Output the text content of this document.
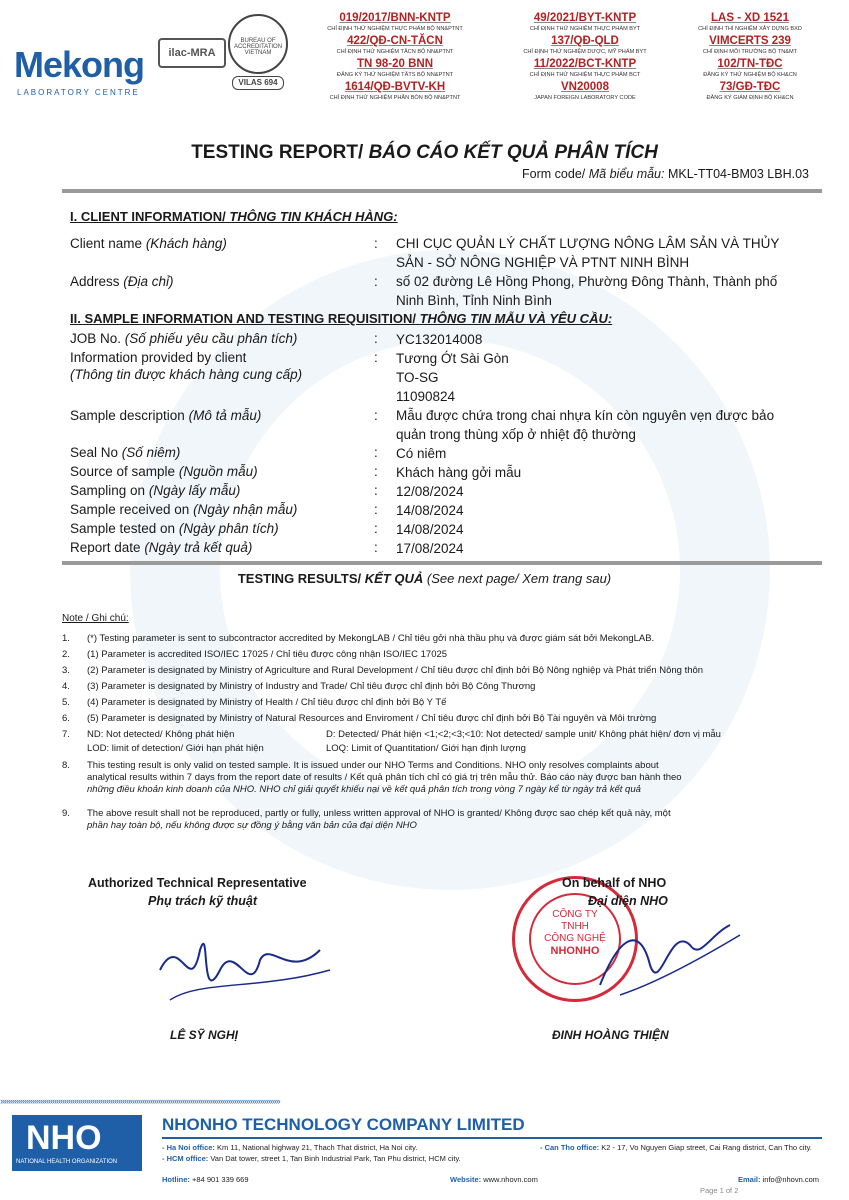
Mekong
LABORATORY CENTRE
ilac-MRA
BUREAU OF ACCREDITATION VIETNAM
VILAS 694
019/2017/BNN-KNTP
CHỈ ĐỊNH THỬ NGHIỆM THỰC PHẨM BỘ NN&PTNT
422/QĐ-CN-TĂCN
CHỈ ĐỊNH THỬ NGHIỆM TĂCN BỘ NN&PTNT
TN 98-20 BNN
ĐĂNG KÝ THỬ NGHIỆM TĂTS BỘ NN&PTNT
1614/QĐ-BVTV-KH
CHỈ ĐỊNH THỬ NGHIỆM PHÂN BÓN BỘ NN&PTNT
49/2021/BYT-KNTP
CHỈ ĐỊNH THỬ NGHIỆM THỰC PHẨM BYT
137/QĐ-QLD
CHỈ ĐỊNH THỬ NGHIỆM DƯỢC, MỸ PHẨM BYT
11/2022/BCT-KNTP
CHỈ ĐỊNH THỬ NGHIỆM THỰC PHẨM BCT
VN20008
JAPAN FOREIGN LABORATORY CODE
LAS - XD 1521
CHỈ ĐỊNH THÍ NGHIỆM XÂY DỰNG BXD
VIMCERTS 239
CHỈ ĐỊNH MÔI TRƯỜNG BỘ TN&MT
102/TN-TĐC
ĐĂNG KÝ THỬ NGHIỆM BỘ KH&CN
73/GĐ-TĐC
ĐĂNG KÝ GIÁM ĐỊNH BỘ KH&CN
TESTING REPORT/ BÁO CÁO KẾT QUẢ PHÂN TÍCH
Form code/ Mã biểu mẫu: MKL-TT04-BM03 LBH.03
I. CLIENT INFORMATION/ THÔNG TIN KHÁCH HÀNG:
Client name (Khách hàng)	: CHI CỤC QUẢN LÝ CHẤT LƯỢNG NÔNG LÂM SẢN VÀ THỦY
SẢN - SỞ NÔNG NGHIỆP VÀ PTNT NINH BÌNH
Address (Địa chỉ)	: số 02 đường Lê Hồng Phong, Phường Đông Thành, Thành phố
Ninh Bình, Tỉnh Ninh Bình
II. SAMPLE INFORMATION AND TESTING REQUISITION/ THÔNG TIN MẪU VÀ YÊU CẦU:
JOB No. (Số phiếu yêu cầu phân tích)	: YC132014008
Information provided by client
(Thông tin được khách hàng cung cấp)
: Tương Ớt Sài Gòn
TO-SG
11090824
Sample description (Mô tả mẫu)	: Mẫu được chứa trong chai nhựa kín còn nguyên vẹn được bảo
quản trong thùng xốp ở nhiệt độ thường
Seal No (Số niêm)	: Có niêm
Source of sample (Nguồn mẫu)	: Khách hàng gởi mẫu
Sampling on (Ngày lấy mẫu)	: 12/08/2024
Sample received on (Ngày nhận mẫu)	: 14/08/2024
Sample tested on (Ngày phân tích)	: 14/08/2024
Report date (Ngày trả kết quả)	: 17/08/2024
TESTING RESULTS/ KẾT QUẢ (See next page/ Xem trang sau)
Note / Ghi chú:
1. (*) Testing parameter is sent to subcontractor accredited by MekongLAB / Chỉ tiêu gởi nhà thầu phụ và được giám sát bởi MekongLAB.
2. (1) Parameter is accredited ISO/IEC 17025 / Chỉ tiêu được công nhận ISO/IEC 17025
3. (2) Parameter is designated by Ministry of Agriculture and Rural Development / Chỉ tiêu được chỉ định bởi Bộ Nông nghiệp và Phát triển Nông thôn
4. (3) Parameter is designated by Ministry of Industry and Trade/ Chỉ tiêu được chỉ định bởi Bộ Công Thương
5. (4) Parameter is designated by Ministry of Health / Chỉ tiêu được chỉ định bởi Bộ Y Tế
6. (5) Parameter is designated by Ministry of Natural Resources and Enviroment / Chỉ tiêu được chỉ định bởi Bộ Tài nguyên và Môi trường
7. ND: Not detected/ Không phát hiện	D: Detected/ Phát hiện <1;<2;<3;<10: Not detected/ sample unit/ Không phát hiện/ đơn vị mẫu
LOD: limit of detection/ Giới hạn phát hiện	LOQ: Limit of Quantitation/ Giới hạn định lượng
8. This testing result is only valid on tested sample. It is issued under our NHO Terms and Conditions. NHO only resolves complaints about
analytical results within 7 days from the report date of results / Kết quả phân tích chỉ có giá trị trên mẫu thử. Báo cáo này được ban hành theo
những điều khoản kinh doanh của NHO. NHO chỉ giải quyết khiếu nại về kết quả phân tích trong vòng 7 ngày kể từ ngày trả kết quả
9. The above result shall not be reproduced, partly or fully, unless written approval of NHO is granted/ Không được sao chép kết quả này, một
phần hay toàn bộ, nếu không được sự đồng ý bằng văn bản của đại diện NHO
Authorized Technical Representative
Phụ trách kỹ thuật
LÊ SỸ NGHỊ
CÔNG TY
TNHH
CÔNG NGHỆ
NHONHO
On behalf of NHO
Đại diện NHO
ĐINH HOÀNG THIỆN
››››››››››››››››››››››››››››››››››››››››››››››››››››››››››››››››››››››››››››››››››››››››››››››››››››››››››››››››››››››››››››››››››››››››››››
NHO
NATIONAL HEALTH ORGANIZATION
NHONHO TECHNOLOGY COMPANY LIMITED
- Ha Noi office: Km 11, National highway 21, Thach That district, Ha Noi city.
- HCM office: Van Dat tower, street 1, Tan Binh Industrial Park, Tan Phu district, HCM city.
- Can Tho office: K2 - 17, Vo Nguyen Giap street, Cai Rang district, Can Tho city.
Hotline: +84 901 339 669	Website: www.nhovn.com	Email: info@nhovn.com
Page 1 of 2
